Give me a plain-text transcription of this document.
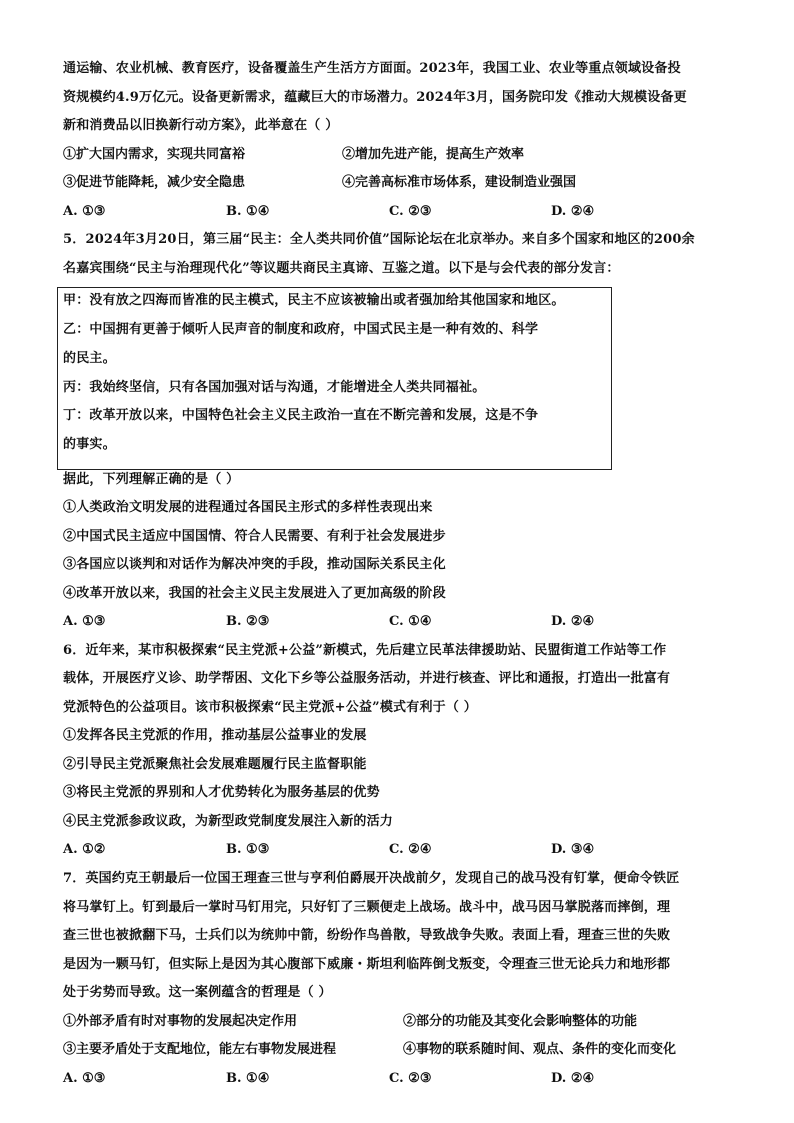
通运输、农业机械、教育医疗，设备覆盖生产生活方方面面。2023年，我国工业、农业等重点领域设备投
资规模约4.9万亿元。设备更新需求，蕴藏巨大的市场潜力。2024年3月，国务院印发《推动大规模设备更
新和消费品以旧换新行动方案》，此举意在（ ）
①扩大国内需求，实现共同富裕	②增加先进产能，提高生产效率
③促进节能降耗，减少安全隐患	④完善高标准市场体系，建设制造业强国
A. ①③	B. ①④	C. ②③	D. ②④
5．2024年3月20日，第三届“民主：全人类共同价值”国际论坛在北京举办。来自多个国家和地区的200余
名嘉宾围绕“民主与治理现代化”等议题共商民主真谛、互鉴之道。以下是与会代表的部分发言：
甲：没有放之四海而皆准的民主模式，民主不应该被输出或者强加给其他国家和地区。
乙：中国拥有更善于倾听人民声音的制度和政府，中国式民主是一种有效的、科学
的民主。
丙：我始终坚信，只有各国加强对话与沟通，才能增进全人类共同福祉。
丁：改革开放以来，中国特色社会主义民主政治一直在不断完善和发展，这是不争
的事实。
据此，下列理解正确的是（ ）
①人类政治文明发展的进程通过各国民主形式的多样性表现出来
②中国式民主适应中国国情、符合人民需要、有利于社会发展进步
③各国应以谈判和对话作为解决冲突的手段，推动国际关系民主化
④改革开放以来，我国的社会主义民主发展进入了更加高级的阶段
A. ①③	B. ②③	C. ①④	D. ②④
6．近年来，某市积极探索“民主党派+公益”新模式，先后建立民革法律援助站、民盟街道工作站等工作
载体，开展医疗义诊、助学帮困、文化下乡等公益服务活动，并进行核查、评比和通报，打造出一批富有
党派特色的公益项目。该市积极探索“民主党派+公益”模式有利于（ ）
①发挥各民主党派的作用，推动基层公益事业的发展
②引导民主党派聚焦社会发展难题履行民主监督职能
③将民主党派的界别和人才优势转化为服务基层的优势
④民主党派参政议政，为新型政党制度发展注入新的活力
A. ①②	B. ①③	C. ②④	D. ③④
7．英国约克王朝最后一位国王理查三世与亨利伯爵展开决战前夕，发现自己的战马没有钉掌，便命令铁匠
将马掌钉上。钉到最后一掌时马钉用完，只好钉了三颗便走上战场。战斗中，战马因马掌脱落而摔倒，理
查三世也被掀翻下马，士兵们以为统帅中箭，纷纷作鸟兽散，导致战争失败。表面上看，理查三世的失败
是因为一颗马钉，但实际上是因为其心腹部下威廉・斯坦利临阵倒戈叛变，令理查三世无论兵力和地形都
处于劣势而导致。这一案例蕴含的哲理是（ ）
①外部矛盾有时对事物的发展起决定作用	②部分的功能及其变化会影响整体的功能
③主要矛盾处于支配地位，能左右事物发展进程	④事物的联系随时间、观点、条件的变化而变化
A. ①③	B. ①④	C. ②③	D. ②④
